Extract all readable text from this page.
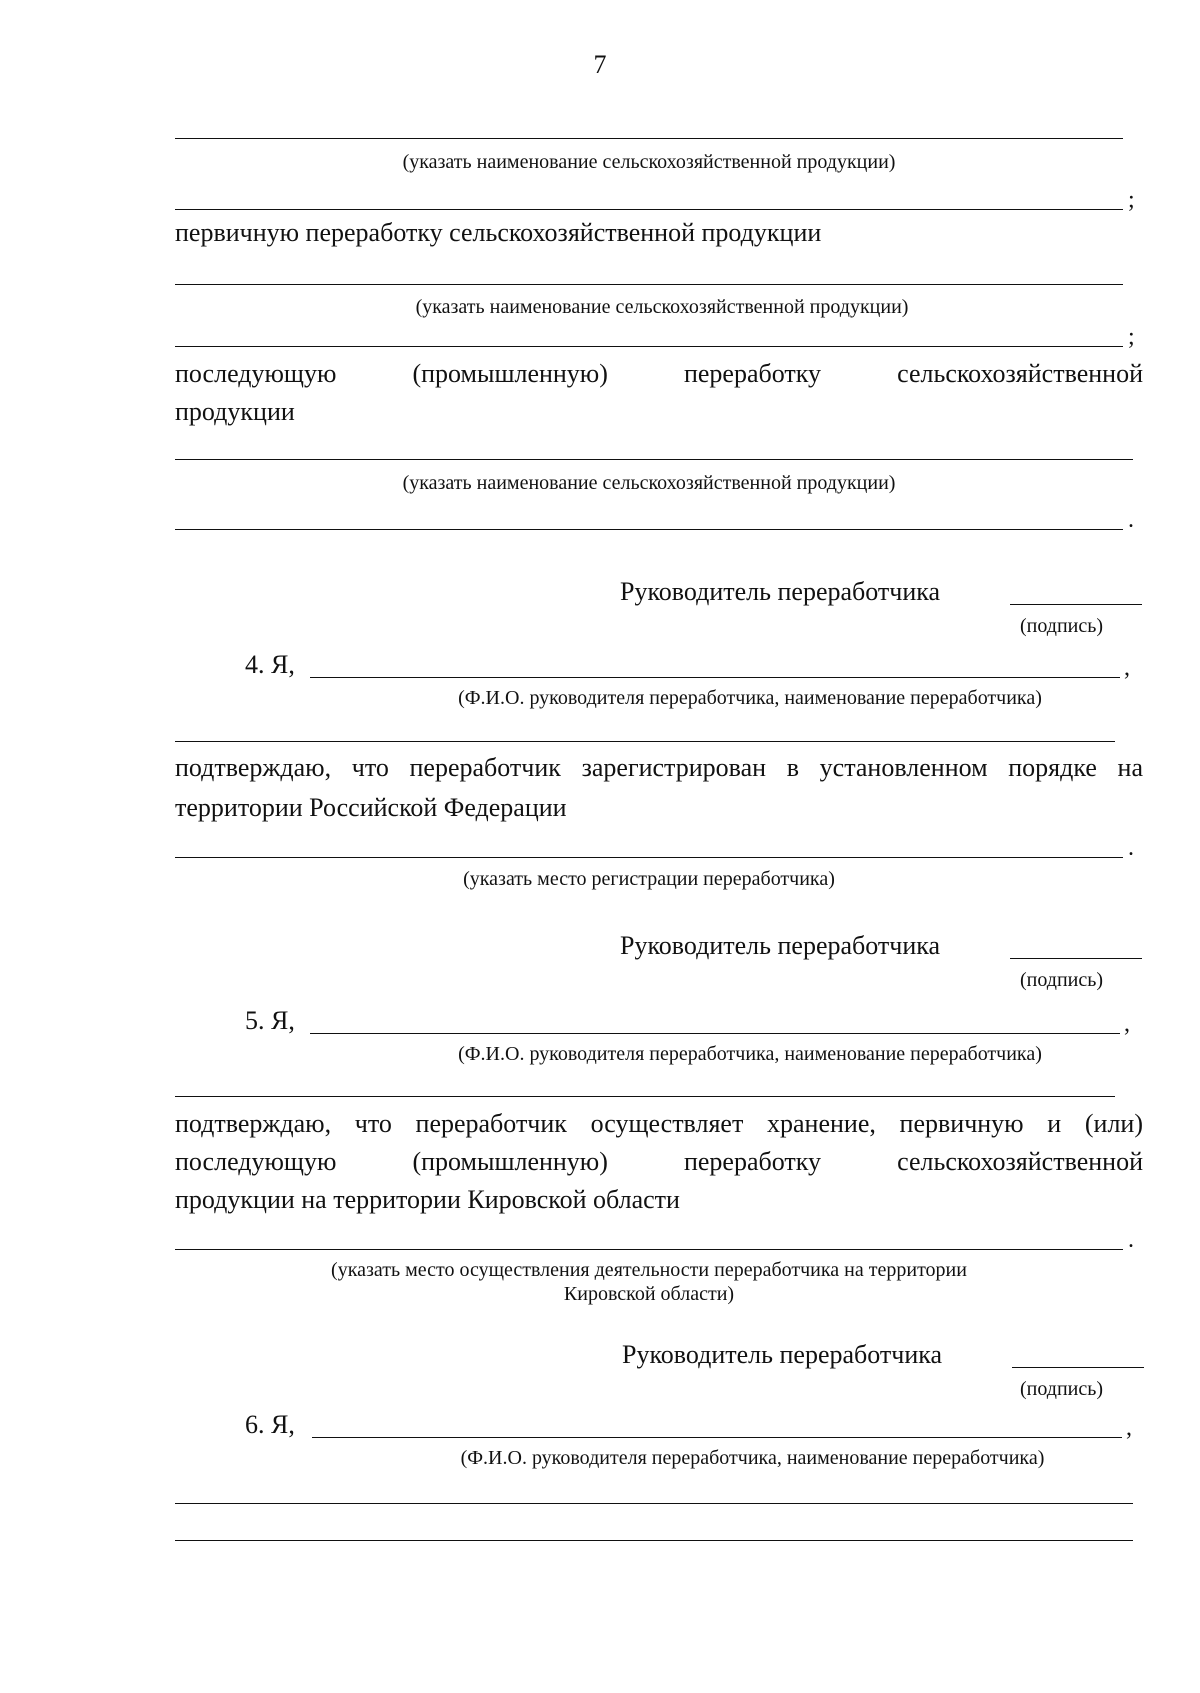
7
(указать наименование сельскохозяйственной продукции)
;
первичную переработку сельскохозяйственной продукции
(указать наименование сельскохозяйственной продукции)
;
последующую (промышленную) переработку сельскохозяйственной
продукции
(указать наименование сельскохозяйственной продукции)
.
Руководитель переработчика
(подпись)
4. Я,	,
(Ф.И.О. руководителя переработчика, наименование переработчика)
подтверждаю, что переработчик зарегистрирован в установленном порядке на
территории Российской Федерации
.
(указать место регистрации переработчика)
Руководитель переработчика
(подпись)
5. Я,	,
(Ф.И.О. руководителя переработчика, наименование переработчика)
подтверждаю, что переработчик осуществляет хранение, первичную и (или)
последующую (промышленную) переработку сельскохозяйственной
продукции на территории Кировской области
.
(указать место осуществления деятельности переработчика на территории
Кировской области)
Руководитель переработчика
(подпись)
6. Я,	,
(Ф.И.О. руководителя переработчика, наименование переработчика)
